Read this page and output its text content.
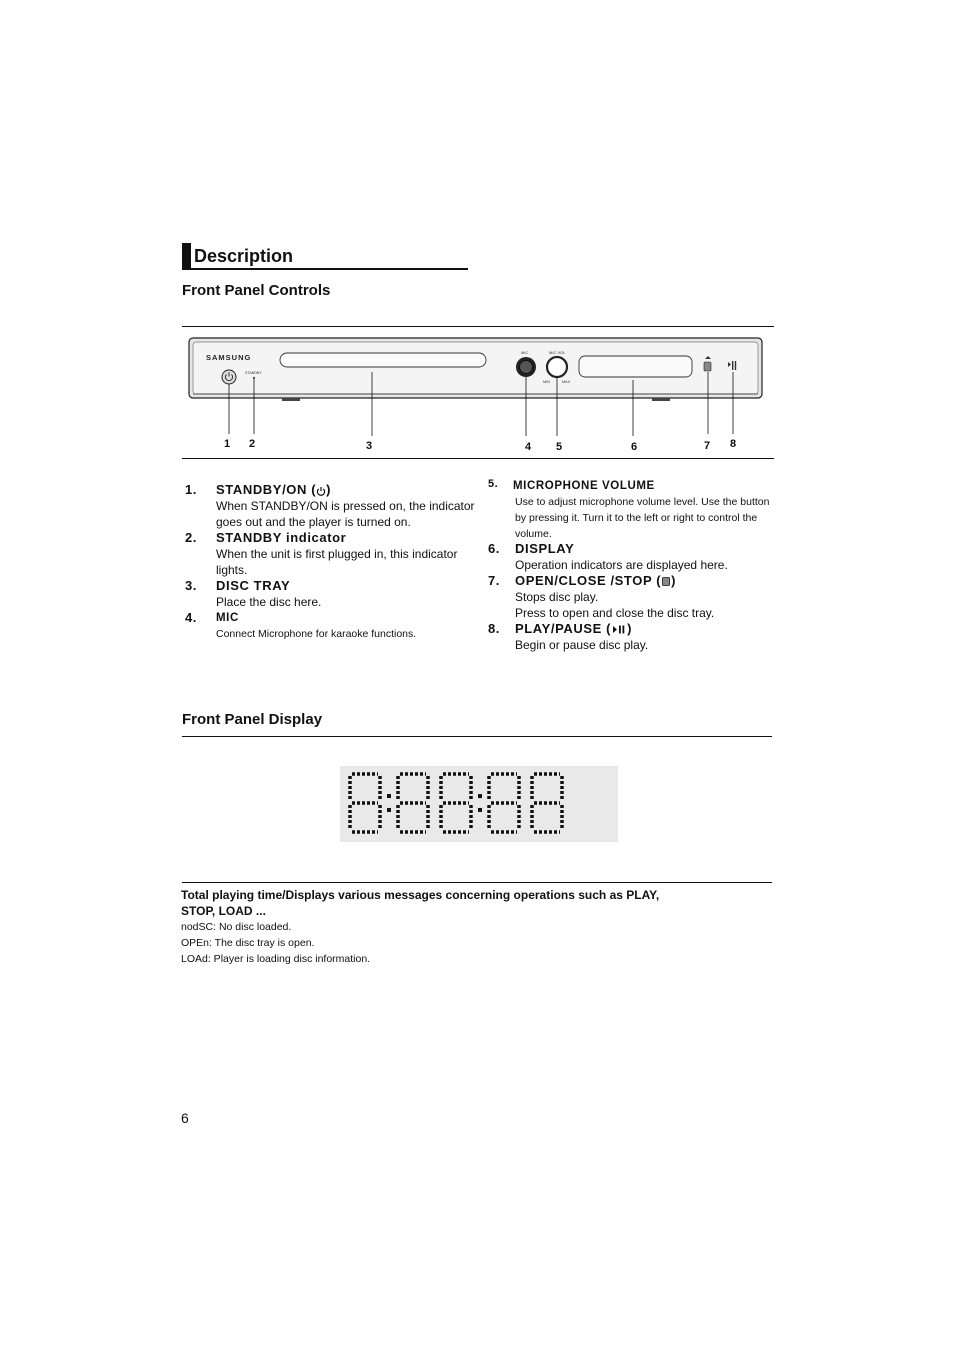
Description
Front Panel Controls
SAMSUNG
STANDBY
MIC	MIC VOL
MIN	MAX
1 2	3	4 5	6	7 8
1. STANDBY/ON ( )
When STANDBY/ON is pressed on, the indicator
goes out and the player is turned on.
2. STANDBY indicator
When the unit is first plugged in, this indicator
lights.
3. DISC TRAY
Place the disc here.
4. MIC
Connect Microphone for karaoke functions.
5. MICROPHONE VOLUME
Use to adjust microphone volume level. Use the button
by pressing it. Turn it to the left or right to control the
volume.
6. DISPLAY
Operation indicators are displayed here.
7. OPEN/CLOSE /STOP ( )
Stops disc play.
Press to open and close the disc tray.
8. PLAY/PAUSE ( )
Begin or pause disc play.
Front Panel Display
Total playing time/Displays various messages concerning operations such as PLAY,
STOP, LOAD ...
nodSC: No disc loaded.
OPEn: The disc tray is open.
LOAd: Player is loading disc information.
6
